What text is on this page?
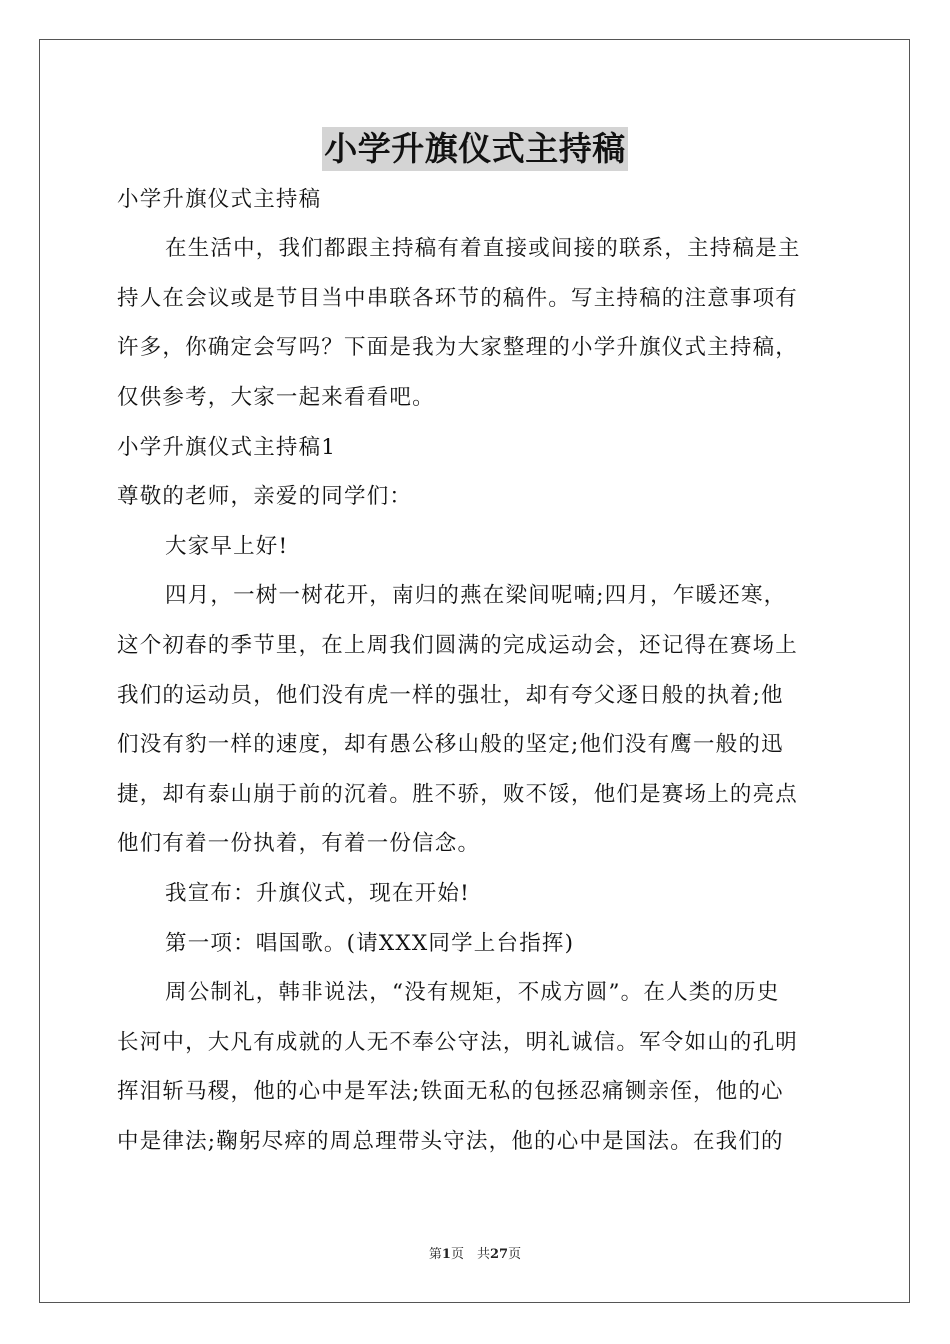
小学升旗仪式主持稿
小学升旗仪式主持稿
在生活中，我们都跟主持稿有着直接或间接的联系，主持稿是主
持人在会议或是节目当中串联各环节的稿件。写主持稿的注意事项有
许多，你确定会写吗？下面是我为大家整理的小学升旗仪式主持稿，
仅供参考，大家一起来看看吧。
小学升旗仪式主持稿1
尊敬的老师，亲爱的同学们：
大家早上好!
四月，一树一树花开，南归的燕在梁间呢喃;四月，乍暖还寒，
这个初春的季节里，在上周我们圆满的完成运动会，还记得在赛场上
我们的运动员，他们没有虎一样的强壮，却有夸父逐日般的执着;他
们没有豹一样的速度，却有愚公移山般的坚定;他们没有鹰一般的迅
捷，却有泰山崩于前的沉着。胜不骄，败不馁，他们是赛场上的亮点
他们有着一份执着，有着一份信念。
我宣布：升旗仪式，现在开始!
第一项：唱国歌。(请XXX同学上台指挥)
周公制礼，韩非说法，“没有规矩，不成方圆”。在人类的历史
长河中，大凡有成就的人无不奉公守法，明礼诚信。军令如山的孔明
挥泪斩马稷，他的心中是军法;铁面无私的包拯忍痛铡亲侄，他的心
中是律法;鞠躬尽瘁的周总理带头守法，他的心中是国法。在我们的
第1页　共27页
